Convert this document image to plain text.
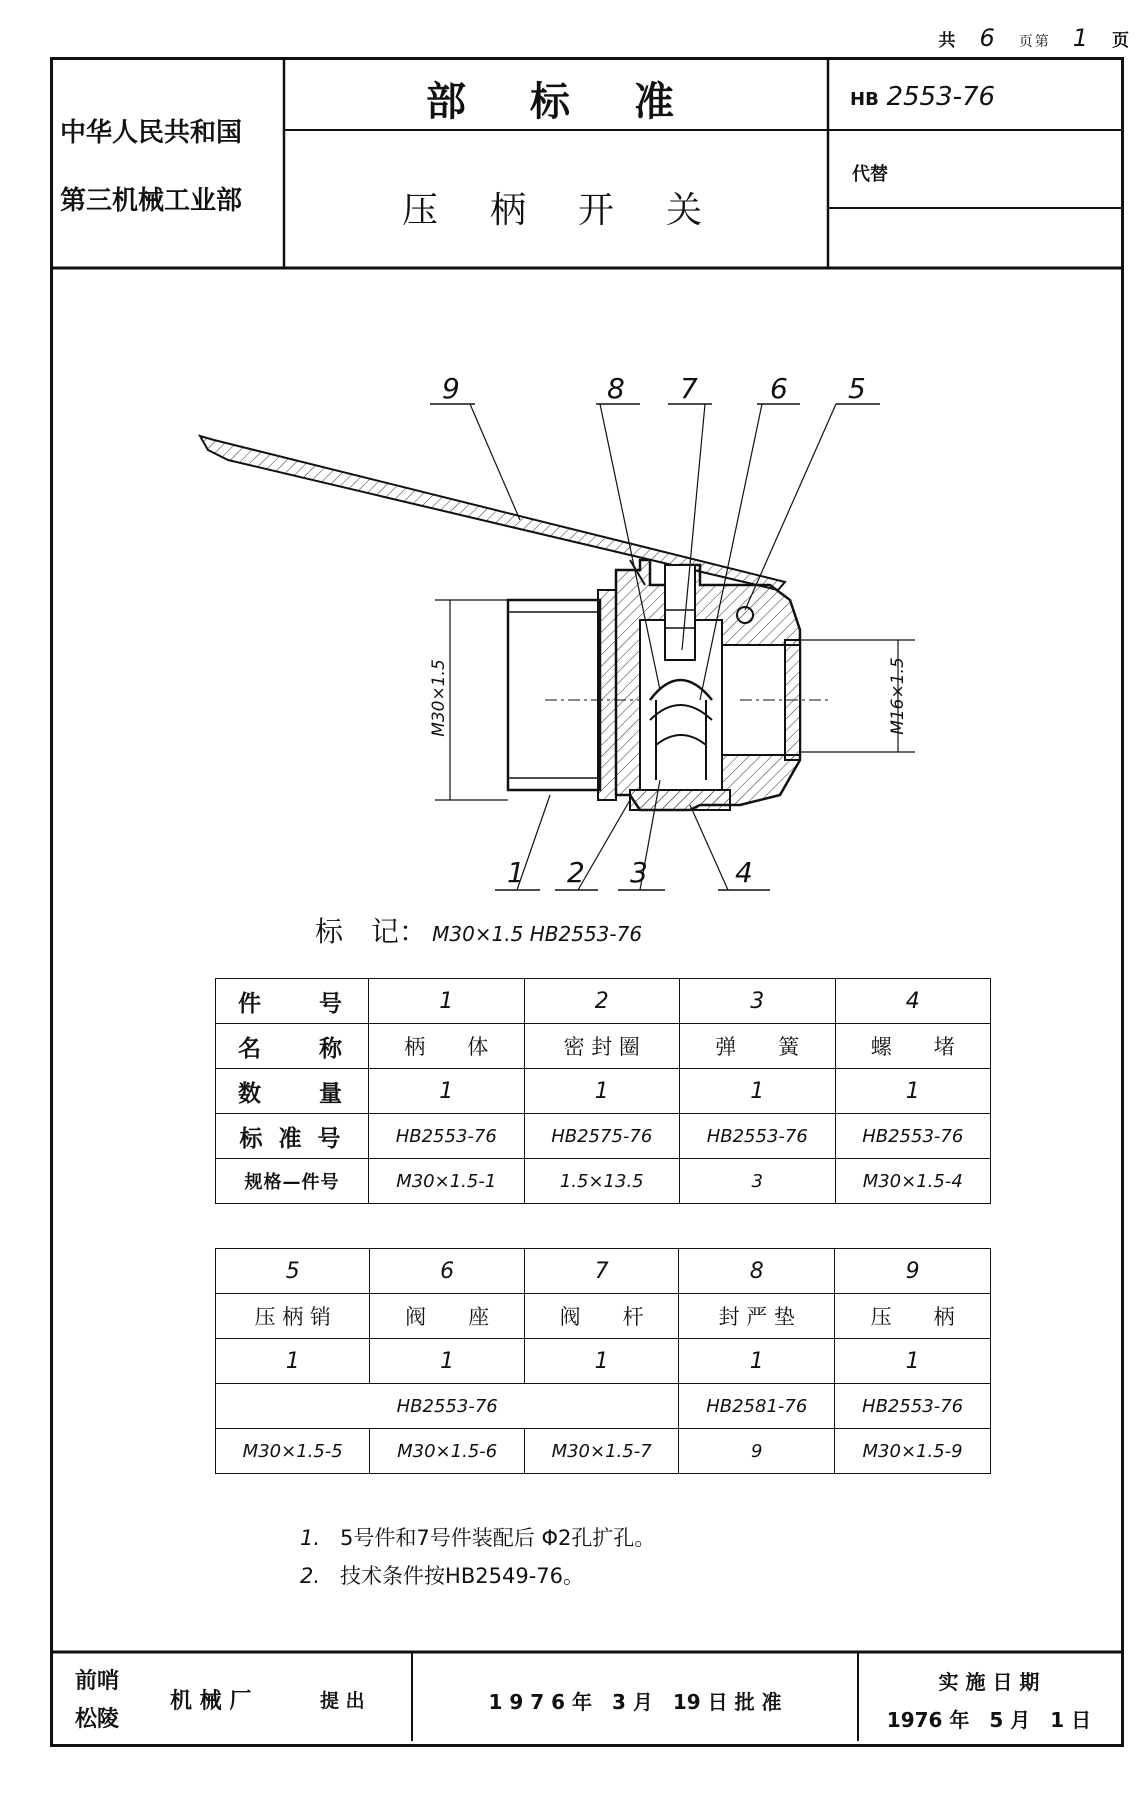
共 6 页第 1 页
中华人民共和国
第三机械工业部
部　标　准
压　柄　开　关
HB 2553-76
代替
9	8 7	6 5
1 2 3	4
M30×1.5	M16×1.5
标　记： M30×1.5 HB2553-76
件　　号	1	2	3	4
名　　称	柄　　体	密 封 圈	弹　　簧	螺　　堵
数　　量	1	1	1	1
标 准 号	HB2553-76	HB2575-76	HB2553-76	HB2553-76
规格—件号	M30×1.5-1	1.5×13.5	3	M30×1.5-4
5	6	7	8	9
压 柄 销	阀　　座	阀　　杆	封 严 垫	压　　柄
1	1	1	1	1
HB2553-76			HB2581-76	HB2553-76
M30×1.5-5	M30×1.5-6	M30×1.5-7	9	M30×1.5-9
1. 5号件和7号件装配后 Φ2孔扩孔。
2. 技术条件按HB2549-76。
前哨
松陵
机 械 厂	提 出	1 9 7 6 年　3 月　19 日 批 准
实 施 日 期
1976 年　5 月　1 日
